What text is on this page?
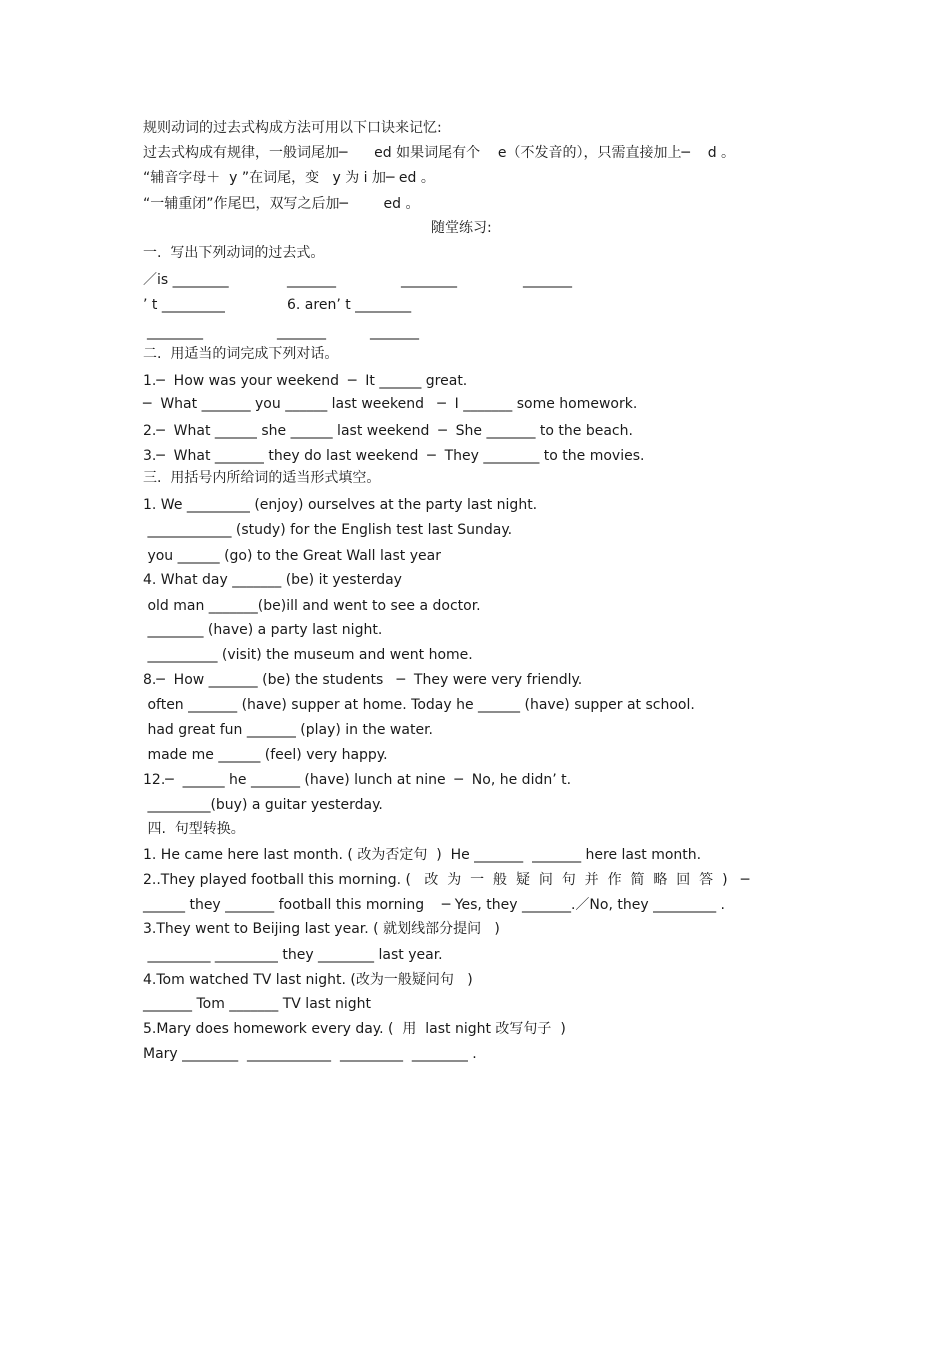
规则动词的过去式构成方法可用以下口诀来记忆:
过去式构成有规律，一般词尾加─      ed 如果词尾有个    e（不发音的），只需直接加上─    d 。
“辅音字母＋  y ”在词尾，变   y 为 i 加─ ed 。
“一辅重闭”作尾巴，双写之后加─        ed 。
随堂练习:
一.  写出下列动词的过去式。
／is ________	_______	________	_______
’ t _________	6. aren’ t ________
________	_______	_______
二.  用适当的词完成下列对话。
1.─  How was your weekend  ─  It ______ great.
─  What _______ you ______ last weekend   ─  I _______ some homework.
2.─  What ______ she ______ last weekend  ─  She _______ to the beach.
3.─  What _______ they do last weekend  ─  They ________ to the movies.
三.  用括号内所给词的适当形式填空。
1. We _________ (enjoy) ourselves at the party last night.
____________ (study) for the English test last Sunday.
you ______ (go) to the Great Wall last year
4. What day _______ (be) it yesterday
old man _______(be)ill and went to see a doctor.
________ (have) a party last night.
__________ (visit) the museum and went home.
8.─  How _______ (be) the students   ─  They were very friendly.
often _______ (have) supper at home. Today he ______ (have) supper at school.
had great fun _______ (play) in the water.
made me ______ (feel) very happy.
12.─  ______ he _______ (have) lunch at nine  ─  No, he didn’ t.
_________(buy) a guitar yesterday.
四.  句型转换。
1. He came here last month. ( 改为否定句  )  He _______  _______ here last month.
2..They played football this morning. (   改  为  一  般  疑  问  句  并  作  简  略  回  答  )   ─
______ they _______ football this morning    ─ Yes, they _______.／No, they _________ .
3.They went to Beijing last year. ( 就划线部分提问   )
_________ _________ they ________ last year.
4.Tom watched TV last night. (改为一般疑问句   )
_______ Tom _______ TV last night
5.Mary does homework every day. (  用  last night 改写句子  )
Mary ________  ____________  _________  ________ .
